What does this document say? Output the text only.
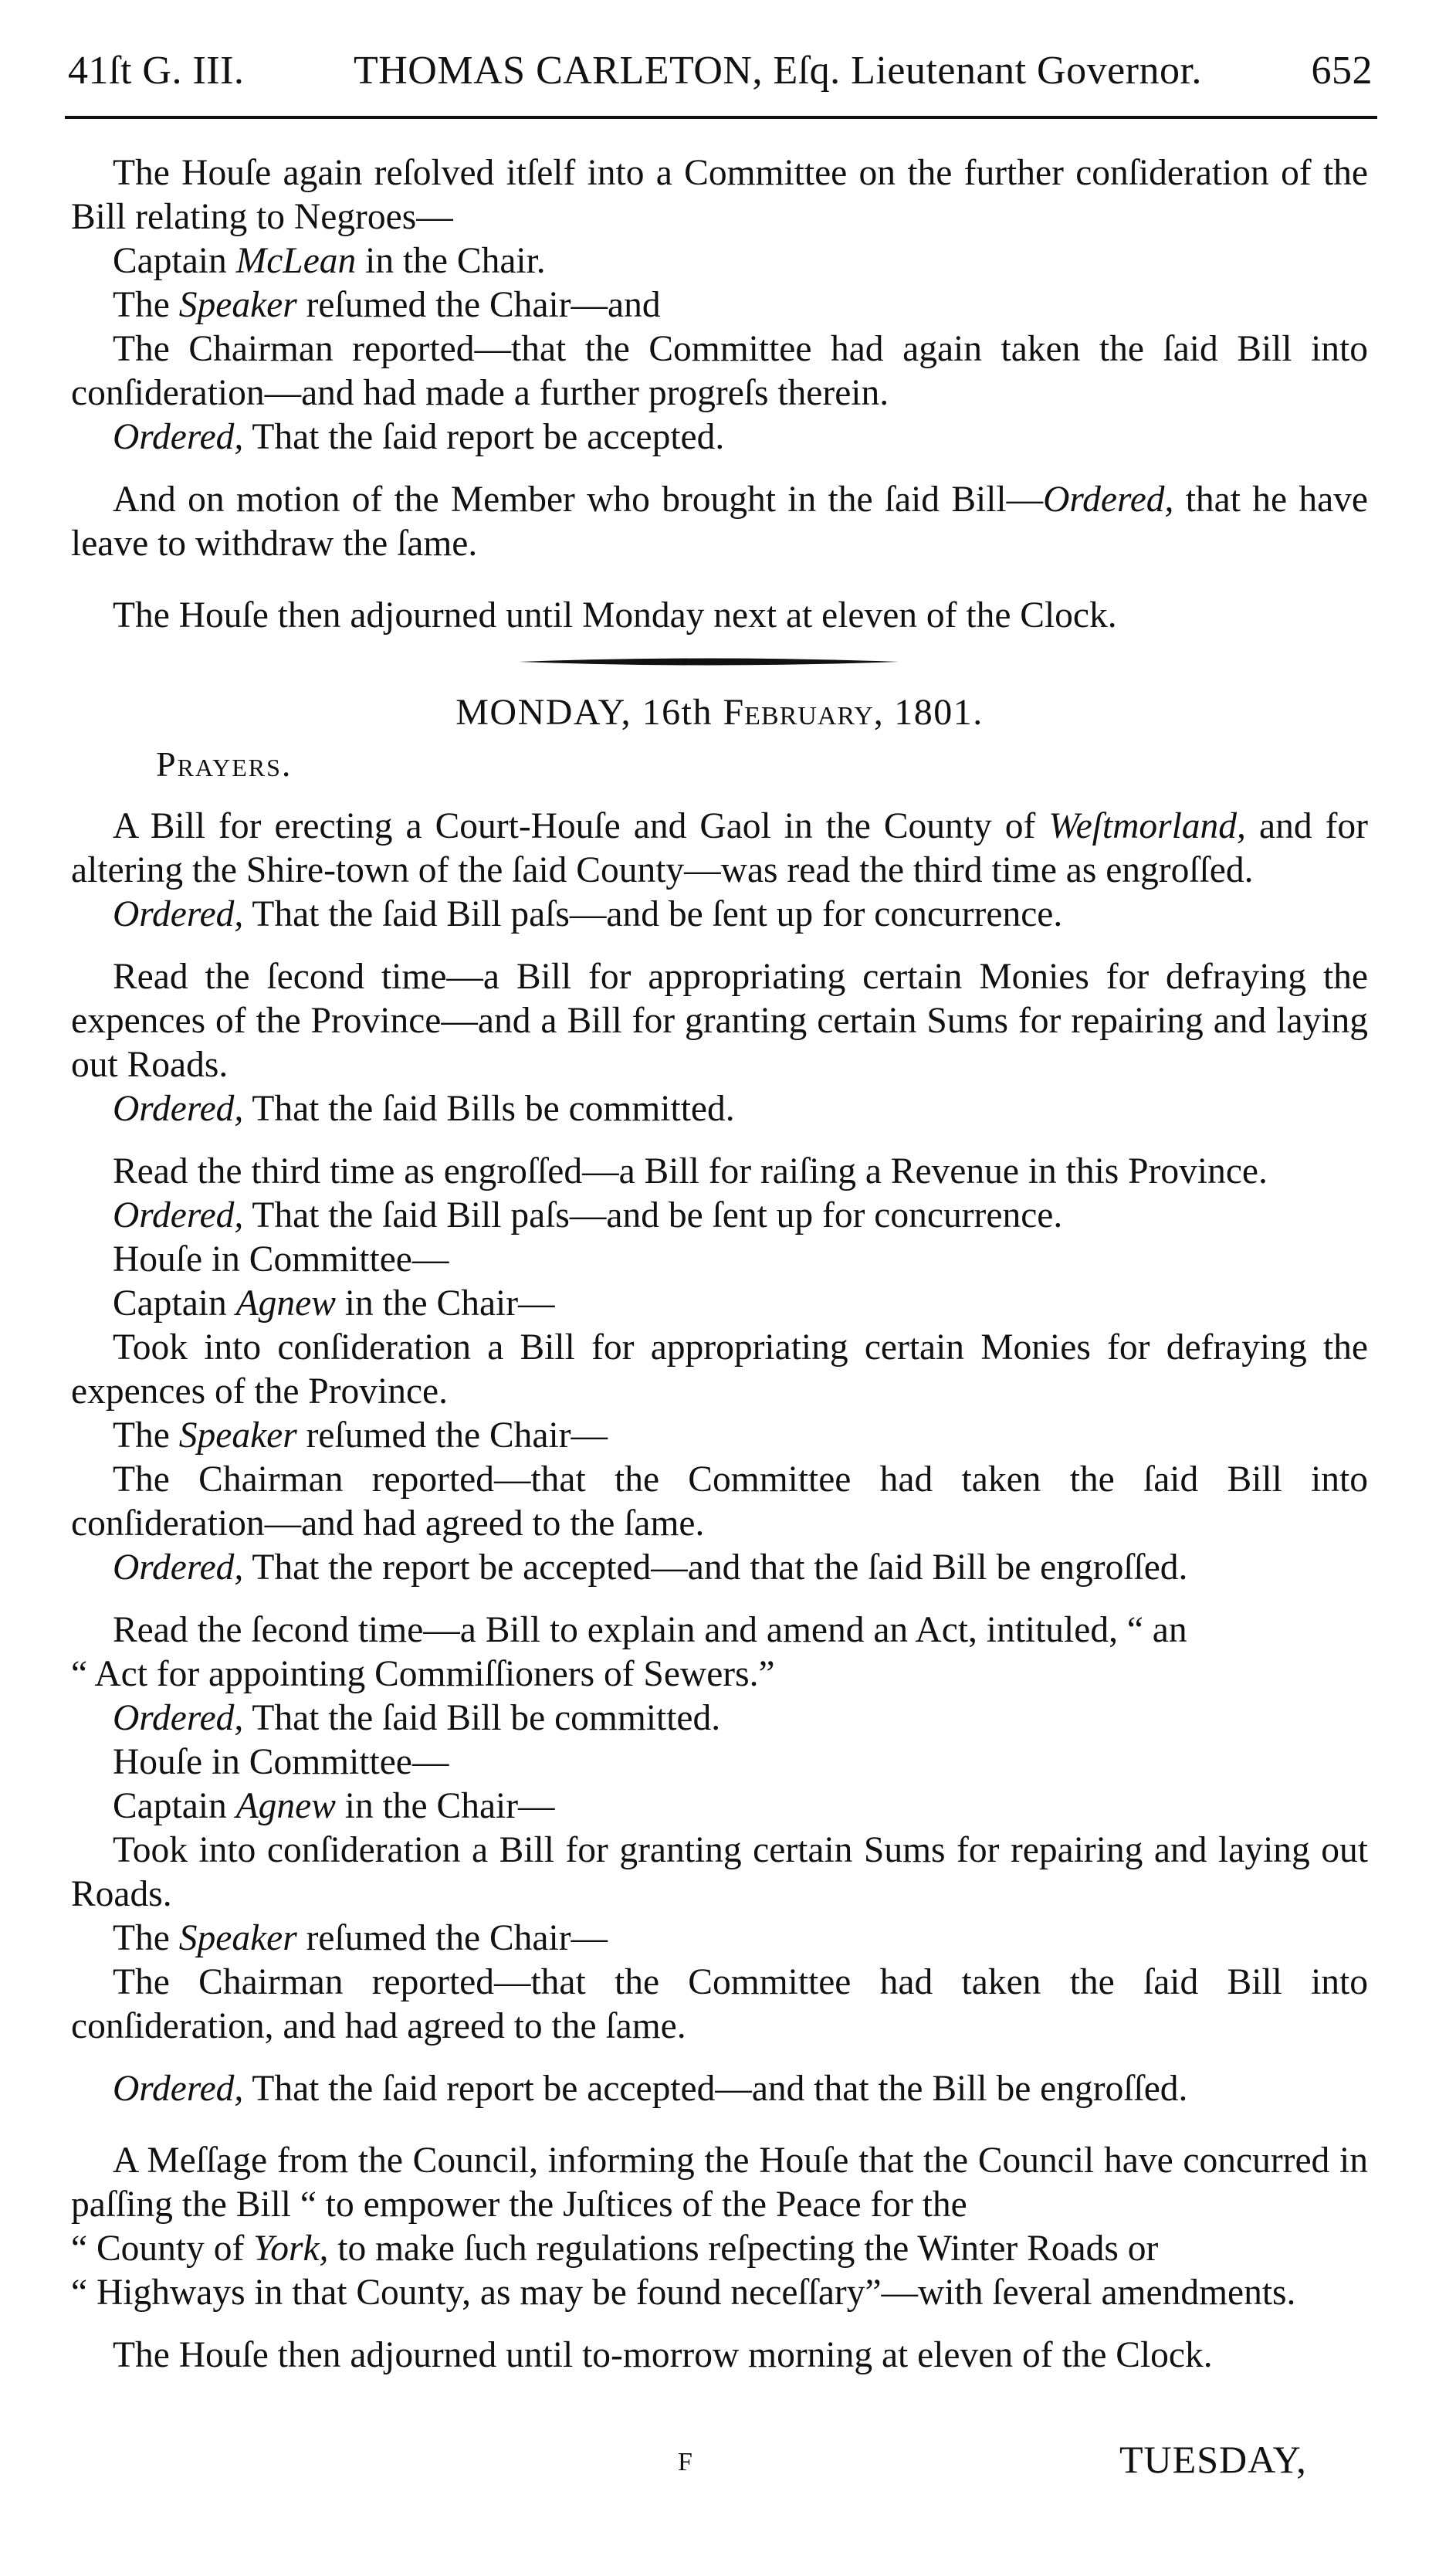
41ſt G. III.	THOMAS CARLETON, Eſq. Lieutenant Governor.	652

The Houſe again reſolved itſelf into a Committee on the further conſideration of the Bill relating to Negroes—

Captain McLean in the Chair.

The Speaker reſumed the Chair—and

The Chairman reported—that the Committee had again taken the ſaid Bill into conſideration—and had made a further progreſs therein.

Ordered, That the ſaid report be accepted.

And on motion of the Member who brought in the ſaid Bill—Ordered, that he have leave to withdraw the ſame.

The Houſe then adjourned until Monday next at eleven of the Clock.

MONDAY, 16th February, 1801.

Prayers.

A Bill for erecting a Court-Houſe and Gaol in the County of Weſtmorland, and for altering the Shire-town of the ſaid County—was read the third time as engroſſed.

Ordered, That the ſaid Bill paſs—and be ſent up for concurrence.

Read the ſecond time—a Bill for appropriating certain Monies for defraying the expences of the Province—and a Bill for granting certain Sums for repairing and laying out Roads.

Ordered, That the ſaid Bills be committed.

Read the third time as engroſſed—a Bill for raiſing a Revenue in this Province.

Ordered, That the ſaid Bill paſs—and be ſent up for concurrence.

Houſe in Committee—

Captain Agnew in the Chair—

Took into conſideration a Bill for appropriating certain Monies for defraying the expences of the Province.

The Speaker reſumed the Chair—

The Chairman reported—that the Committee had taken the ſaid Bill into conſideration—and had agreed to the ſame.

Ordered, That the report be accepted—and that the ſaid Bill be engroſſed.

Read the ſecond time—a Bill to explain and amend an Act, intituled, “ an

“ Act for appointing Commiſſioners of Sewers.”

Ordered, That the ſaid Bill be committed.

Houſe in Committee—

Captain Agnew in the Chair—

Took into conſideration a Bill for granting certain Sums for repairing and laying out Roads.

The Speaker reſumed the Chair—

The Chairman reported—that the Committee had taken the ſaid Bill into conſideration, and had agreed to the ſame.

Ordered, That the ſaid report be accepted—and that the Bill be engroſſed.

A Meſſage from the Council, informing the Houſe that the Council have concurred in paſſing the Bill “ to empower the Juſtices of the Peace for the

“ County of York, to make ſuch regulations reſpecting the Winter Roads or

“ Highways in that County, as may be found neceſſary”—with ſeveral amendments.

The Houſe then adjourned until to-morrow morning at eleven of the Clock.

F	TUESDAY,
